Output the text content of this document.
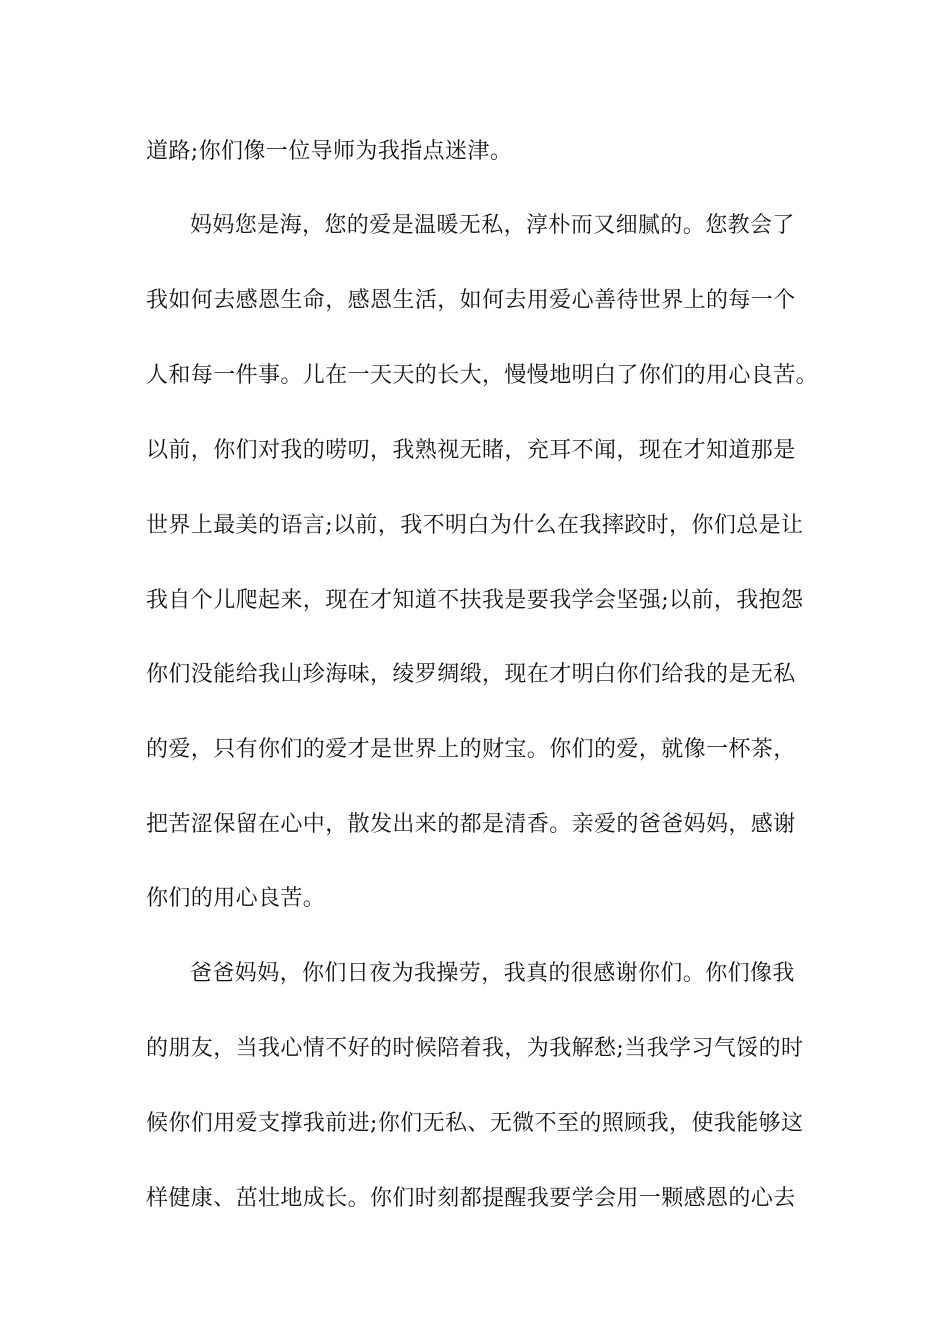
道路;你们像一位导师为我指点迷津。
妈妈您是海，您的爱是温暖无私，淳朴而又细腻的。您教会了
我如何去感恩生命，感恩生活，如何去用爱心善待世界上的每一个
人和每一件事。儿在一天天的长大，慢慢地明白了你们的用心良苦。
以前，你们对我的唠叨，我熟视无睹，充耳不闻，现在才知道那是
世界上最美的语言;以前，我不明白为什么在我摔跤时，你们总是让
我自个儿爬起来，现在才知道不扶我是要我学会坚强;以前，我抱怨
你们没能给我山珍海味，绫罗绸缎，现在才明白你们给我的是无私
的爱，只有你们的爱才是世界上的财宝。你们的爱，就像一杯茶，
把苦涩保留在心中，散发出来的都是清香。亲爱的爸爸妈妈，感谢
你们的用心良苦。
爸爸妈妈，你们日夜为我操劳，我真的很感谢你们。你们像我
的朋友，当我心情不好的时候陪着我，为我解愁;当我学习气馁的时
候你们用爱支撑我前进;你们无私、无微不至的照顾我，使我能够这
样健康、茁壮地成长。你们时刻都提醒我要学会用一颗感恩的心去
